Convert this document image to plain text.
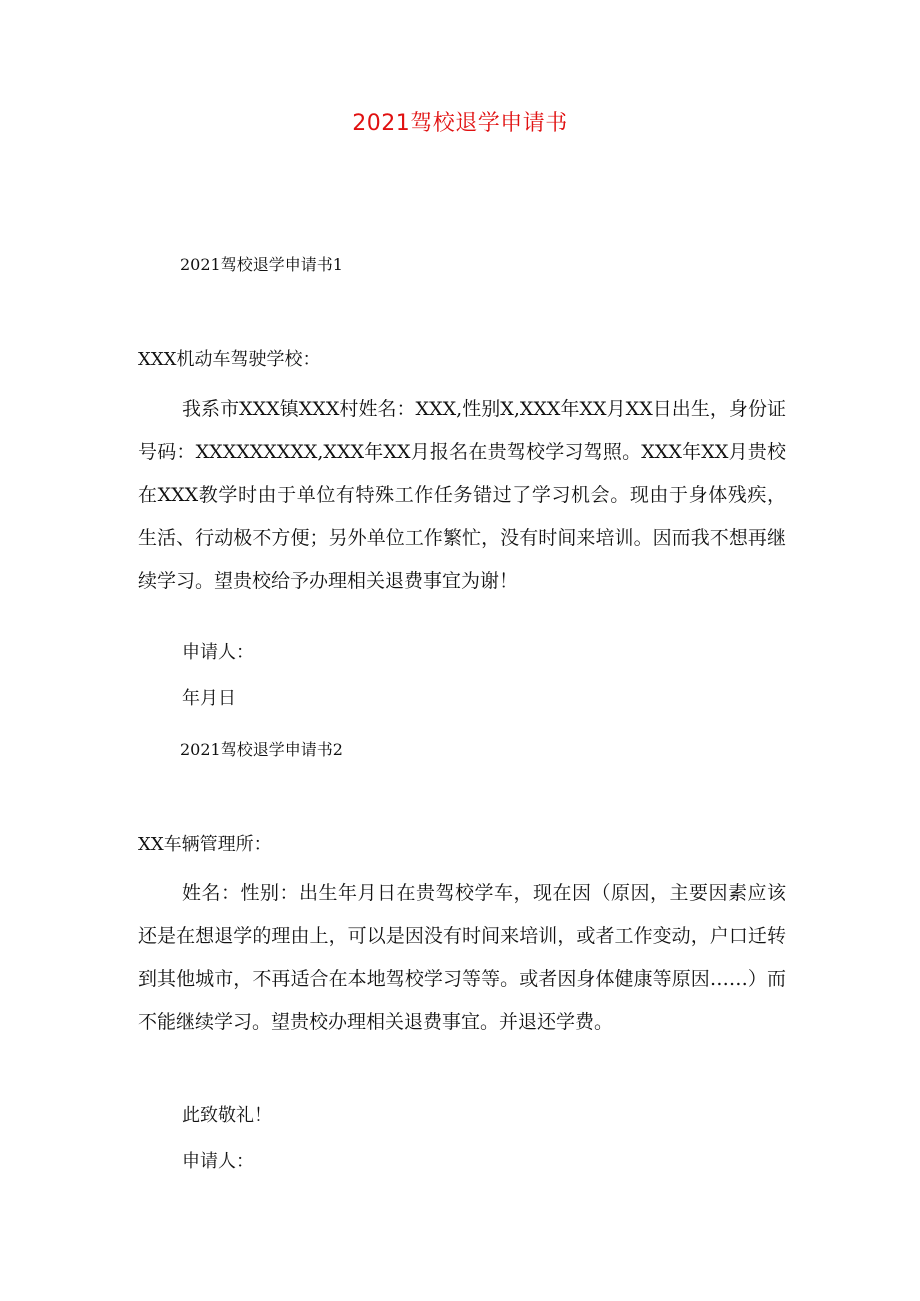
2021驾校退学申请书
2021驾校退学申请书1
XXX机动车驾驶学校：
我系市XXX镇XXX村姓名：XXX,性别X,XXX年XX月XX日出生，身份证号码：XXXXXXXXX,XXX年XX月报名在贵驾校学习驾照。XXX年XX月贵校在XXX教学时由于单位有特殊工作任务错过了学习机会。现由于身体残疾，生活、行动极不方便；另外单位工作繁忙，没有时间来培训。因而我不想再继续学习。望贵校给予办理相关退费事宜为谢！
申请人：
年月日
2021驾校退学申请书2
XX车辆管理所：
姓名：性别：出生年月日在贵驾校学车，现在因（原因，主要因素应该还是在想退学的理由上，可以是因没有时间来培训，或者工作变动，户口迁转到其他城市，不再适合在本地驾校学习等等。或者因身体健康等原因……）而不能继续学习。望贵校办理相关退费事宜。并退还学费。
此致敬礼！
申请人：
